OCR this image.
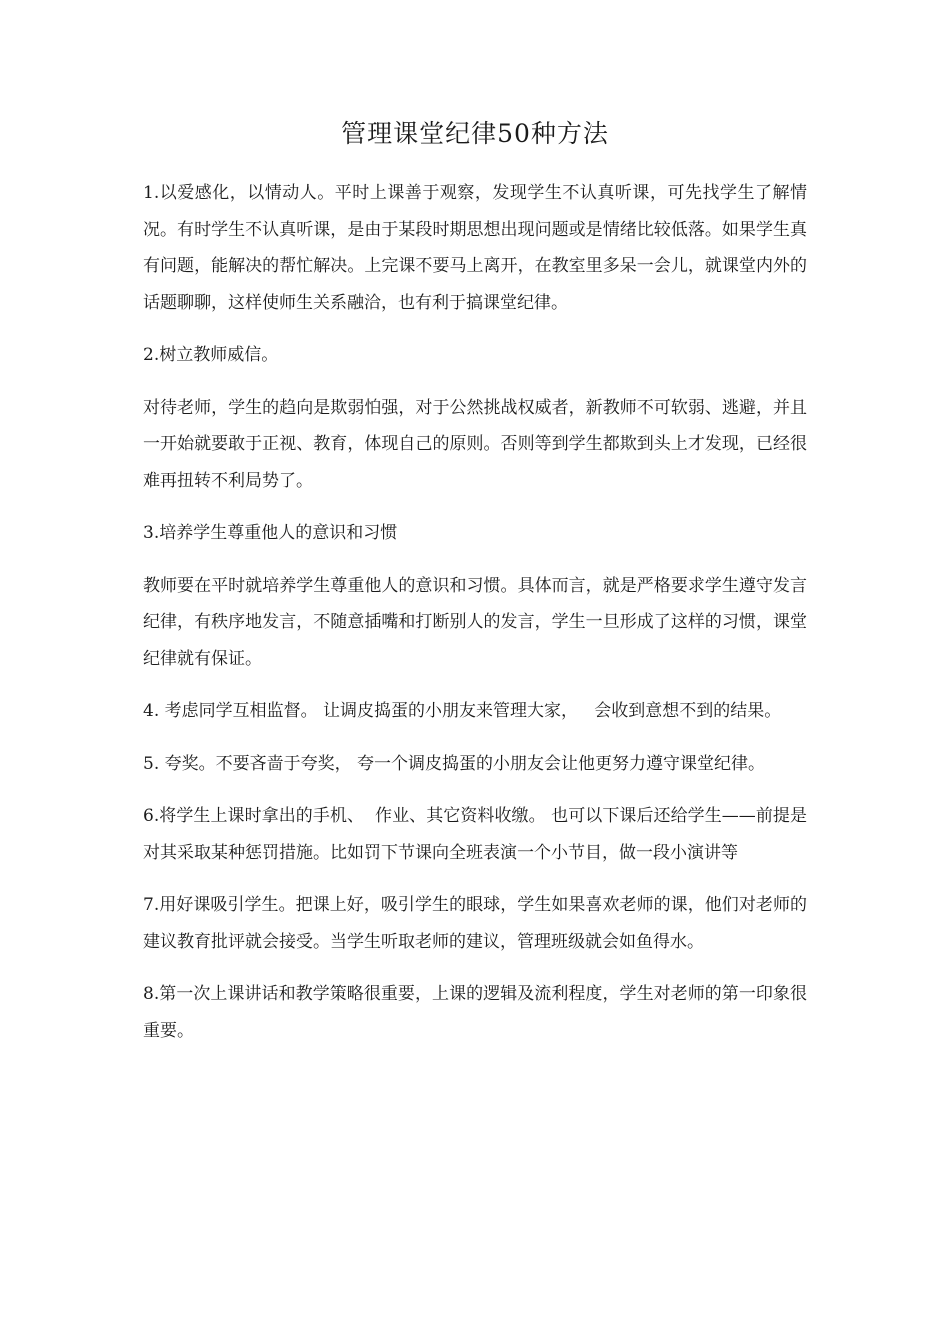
管理课堂纪律50种方法

1.以爱感化，以情动人。平时上课善于观察，发现学生不认真听课，可先找学生了解情况。有时学生不认真听课，是由于某段时期思想出现问题或是情绪比较低落。如果学生真有问题，能解决的帮忙解决。上完课不要马上离开，在教室里多呆一会儿，就课堂内外的话题聊聊，这样使师生关系融洽，也有利于搞课堂纪律。

2.树立教师威信。

对待老师，学生的趋向是欺弱怕强，对于公然挑战权威者，新教师不可软弱、逃避，并且一开始就要敢于正视、教育，体现自己的原则。否则等到学生都欺到头上才发现，已经很难再扭转不利局势了。

3.培养学生尊重他人的意识和习惯

教师要在平时就培养学生尊重他人的意识和习惯。具体而言，就是严格要求学生遵守发言纪律，有秩序地发言，不随意插嘴和打断别人的发言，学生一旦形成了这样的习惯，课堂纪律就有保证。

4. 考虑同学互相监督。 让调皮捣蛋的小朋友来管理大家，   会收到意想不到的结果。

5. 夸奖。不要吝啬于夸奖， 夸一个调皮捣蛋的小朋友会让他更努力遵守课堂纪律。

6.将学生上课时拿出的手机、  作业、其它资料收缴。 也可以下课后还给学生——前提是对其采取某种惩罚措施。比如罚下节课向全班表演一个小节目，做一段小演讲等

7.用好课吸引学生。把课上好，吸引学生的眼球，学生如果喜欢老师的课，他们对老师的建议教育批评就会接受。当学生听取老师的建议，管理班级就会如鱼得水。

8.第一次上课讲话和教学策略很重要，上课的逻辑及流利程度，学生对老师的第一印象很重要。
